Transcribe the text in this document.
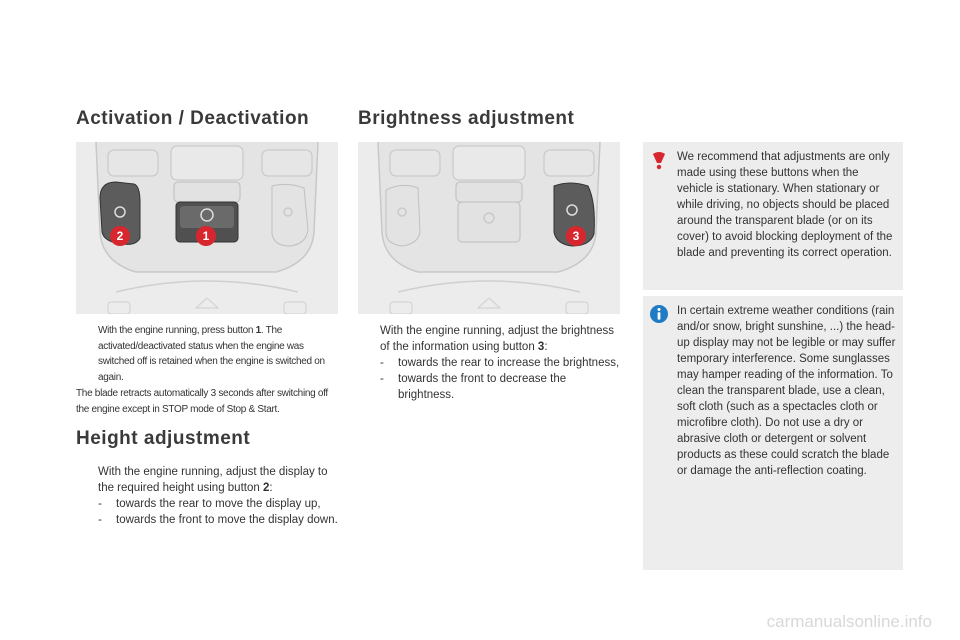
Activation / Deactivation	Brightness adjustment
2	1	3
With the engine running, press button 1. The activated/deactivated status when the engine was switched off is retained when the engine is switched on again.

The blade retracts automatically 3 seconds after switching off the engine except in STOP mode of Stop & Start.

Height adjustment
With the engine running, adjust the display to the required height using button 2:
- towards the rear to move the display up,
- towards the front to move the display down.
With the engine running, adjust the brightness of the information using button 3:
- towards the rear to increase the brightness,
- towards the front to decrease the brightness.

We recommend that adjustments are only made using these buttons when the vehicle is stationary. When stationary or while driving, no objects should be placed around the transparent blade (or on its cover) to avoid blocking deployment of the blade and preventing its correct operation.

In certain extreme weather conditions (rain and/or snow, bright sunshine, ...) the head-up display may not be legible or may suffer temporary interference. Some sunglasses may hamper reading of the information. To clean the transparent blade, use a clean, soft cloth (such as a spectacles cloth or microfibre cloth). Do not use a dry or abrasive cloth or detergent or solvent products as these could scratch the blade or damage the anti-reflection coating.

carmanualsonline.info
